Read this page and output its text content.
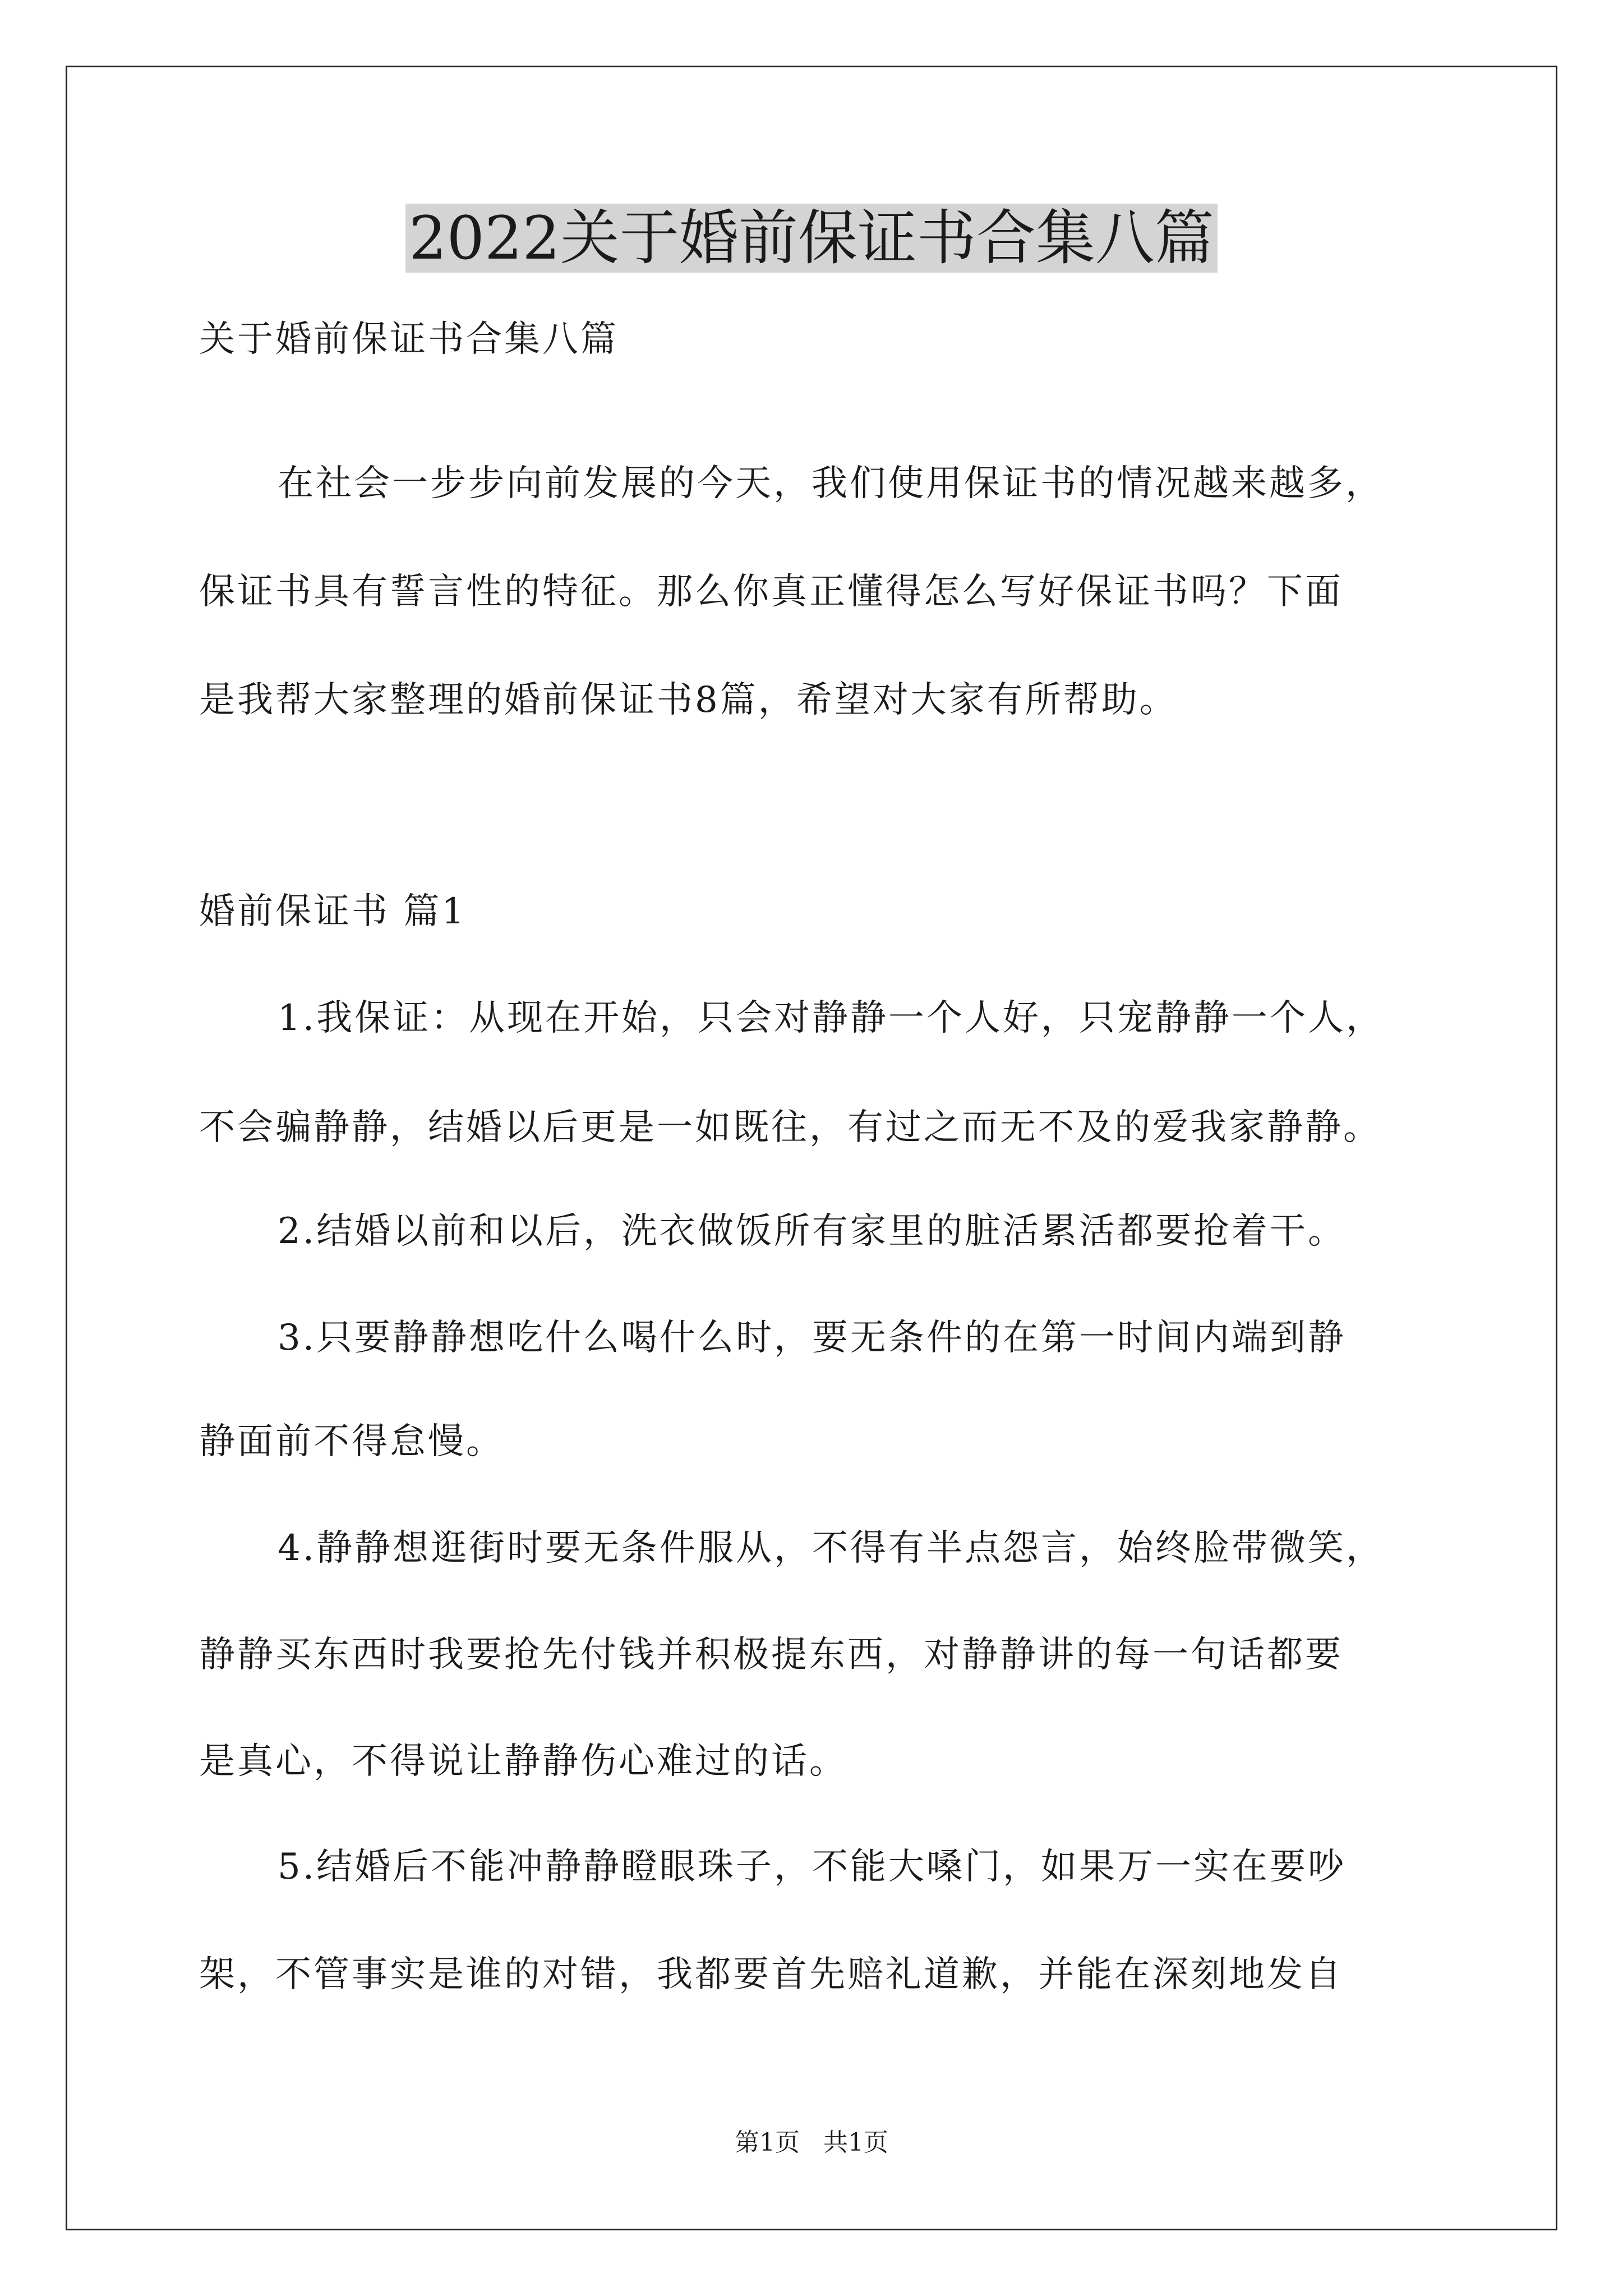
2022关于婚前保证书合集八篇
关于婚前保证书合集八篇
在社会一步步向前发展的今天，我们使用保证书的情况越来越多，
保证书具有誓言性的特征。那么你真正懂得怎么写好保证书吗？下面
是我帮大家整理的婚前保证书8篇，希望对大家有所帮助。
婚前保证书 篇1
1.我保证：从现在开始，只会对静静一个人好，只宠静静一个人，
不会骗静静，结婚以后更是一如既往，有过之而无不及的爱我家静静。
2.结婚以前和以后，洗衣做饭所有家里的脏活累活都要抢着干。
3.只要静静想吃什么喝什么时，要无条件的在第一时间内端到静
静面前不得怠慢。
4.静静想逛街时要无条件服从，不得有半点怨言，始终脸带微笑，
静静买东西时我要抢先付钱并积极提东西，对静静讲的每一句话都要
是真心，不得说让静静伤心难过的话。
5.结婚后不能冲静静瞪眼珠子，不能大嗓门，如果万一实在要吵
架，不管事实是谁的对错，我都要首先赔礼道歉，并能在深刻地发自
第1页   共1页
